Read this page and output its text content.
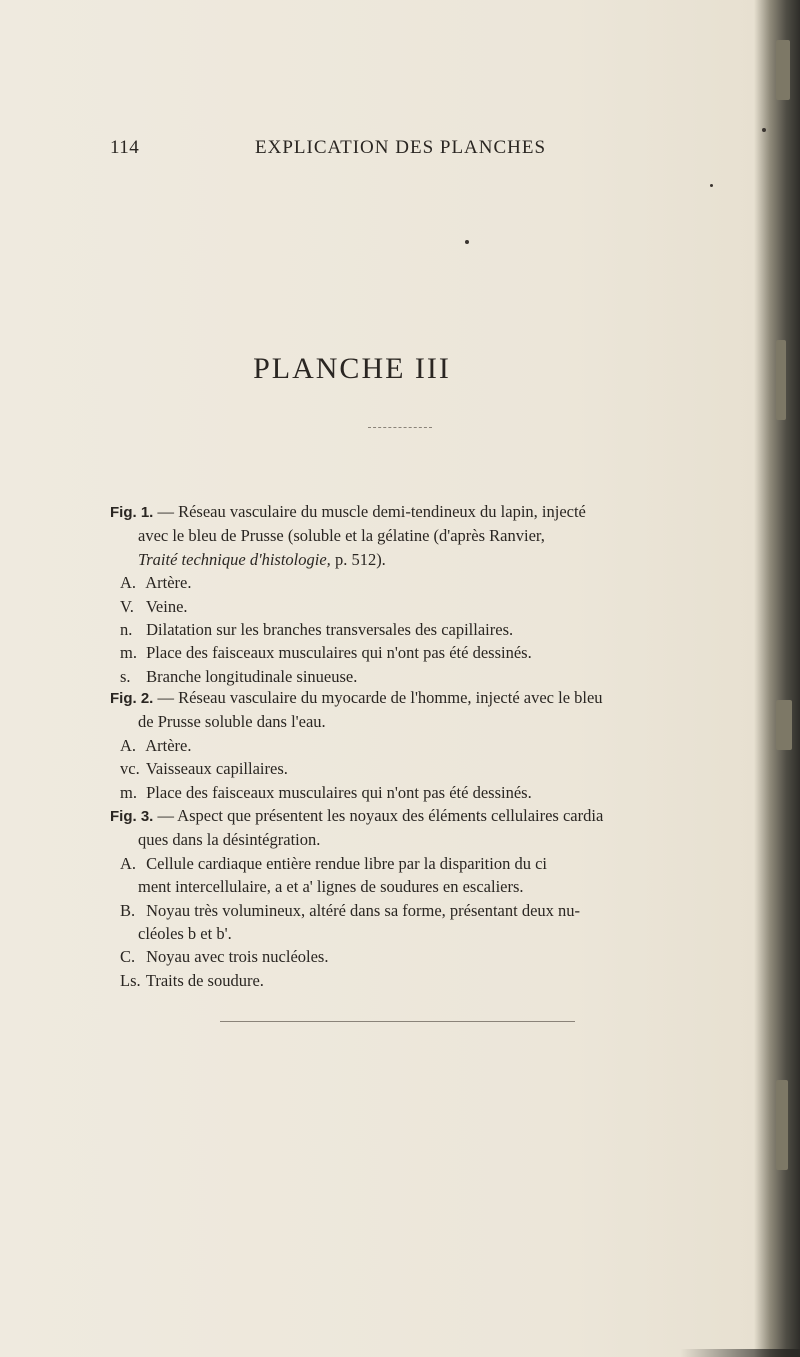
114	EXPLICATION DES PLANCHES
PLANCHE III
Fig. 1. — Réseau vasculaire du muscle demi-tendineux du lapin, injecté
avec le bleu de Prusse (soluble et la gélatine (d'après Ranvier,
Traité technique d'histologie, p. 512).
A. Artère.
V. Veine.
n. Dilatation sur les branches transversales des capillaires.
m. Place des faisceaux musculaires qui n'ont pas été dessinés.
s. Branche longitudinale sinueuse.
Fig. 2. — Réseau vasculaire du myocarde de l'homme, injecté avec le bleu
de Prusse soluble dans l'eau.
A. Artère.
vc. Vaisseaux capillaires.
m. Place des faisceaux musculaires qui n'ont pas été dessinés.
Fig. 3. — Aspect que présentent les noyaux des éléments cellulaires cardia
ques dans la désintégration.
A. Cellule cardiaque entière rendue libre par la disparition du ci
ment intercellulaire, a et a' lignes de soudures en escaliers.
B. Noyau très volumineux, altéré dans sa forme, présentant deux nu-
cléoles b et b'.
C. Noyau avec trois nucléoles.
Ls. Traits de soudure.
